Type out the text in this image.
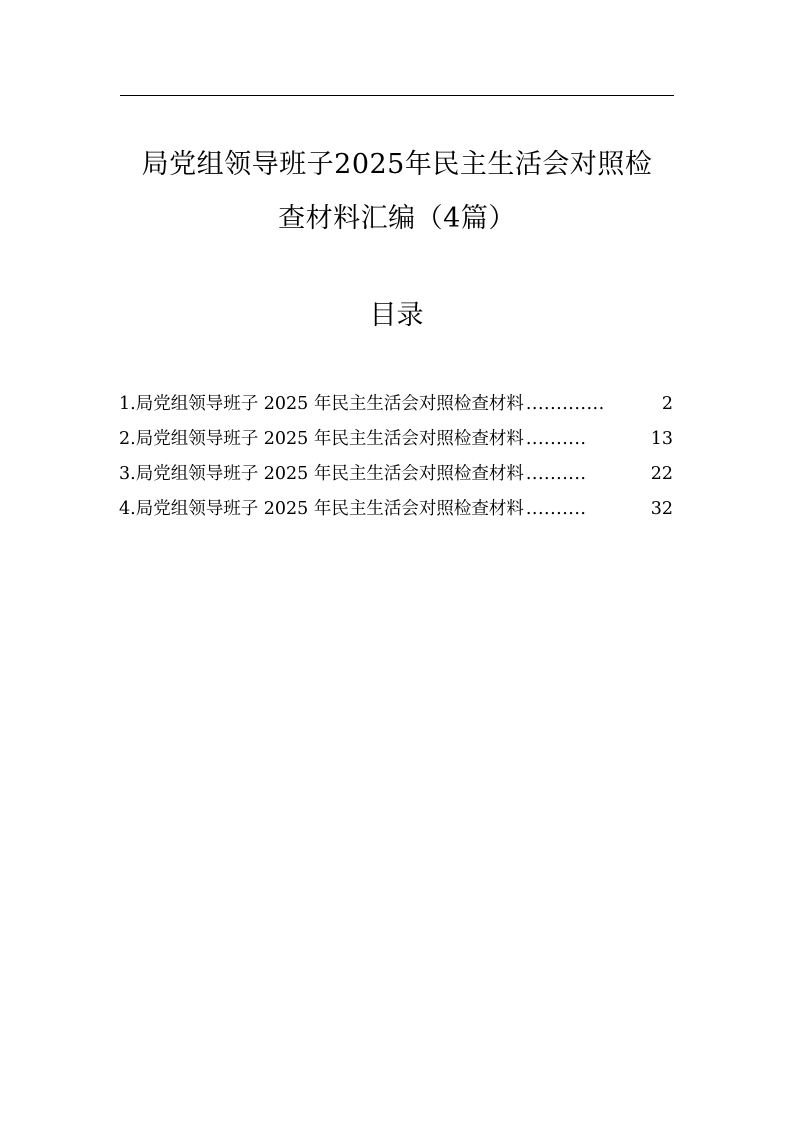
局党组领导班子2025年民主生活会对照检
查材料汇编（4篇）
目录
1.局党组领导班子 2025 年民主生活会对照检查材料 .............	2
2.局党组领导班子 2025 年民主生活会对照检查材料 ..........	13
3.局党组领导班子 2025 年民主生活会对照检查材料 ..........	22
4.局党组领导班子 2025 年民主生活会对照检查材料 ..........	32
